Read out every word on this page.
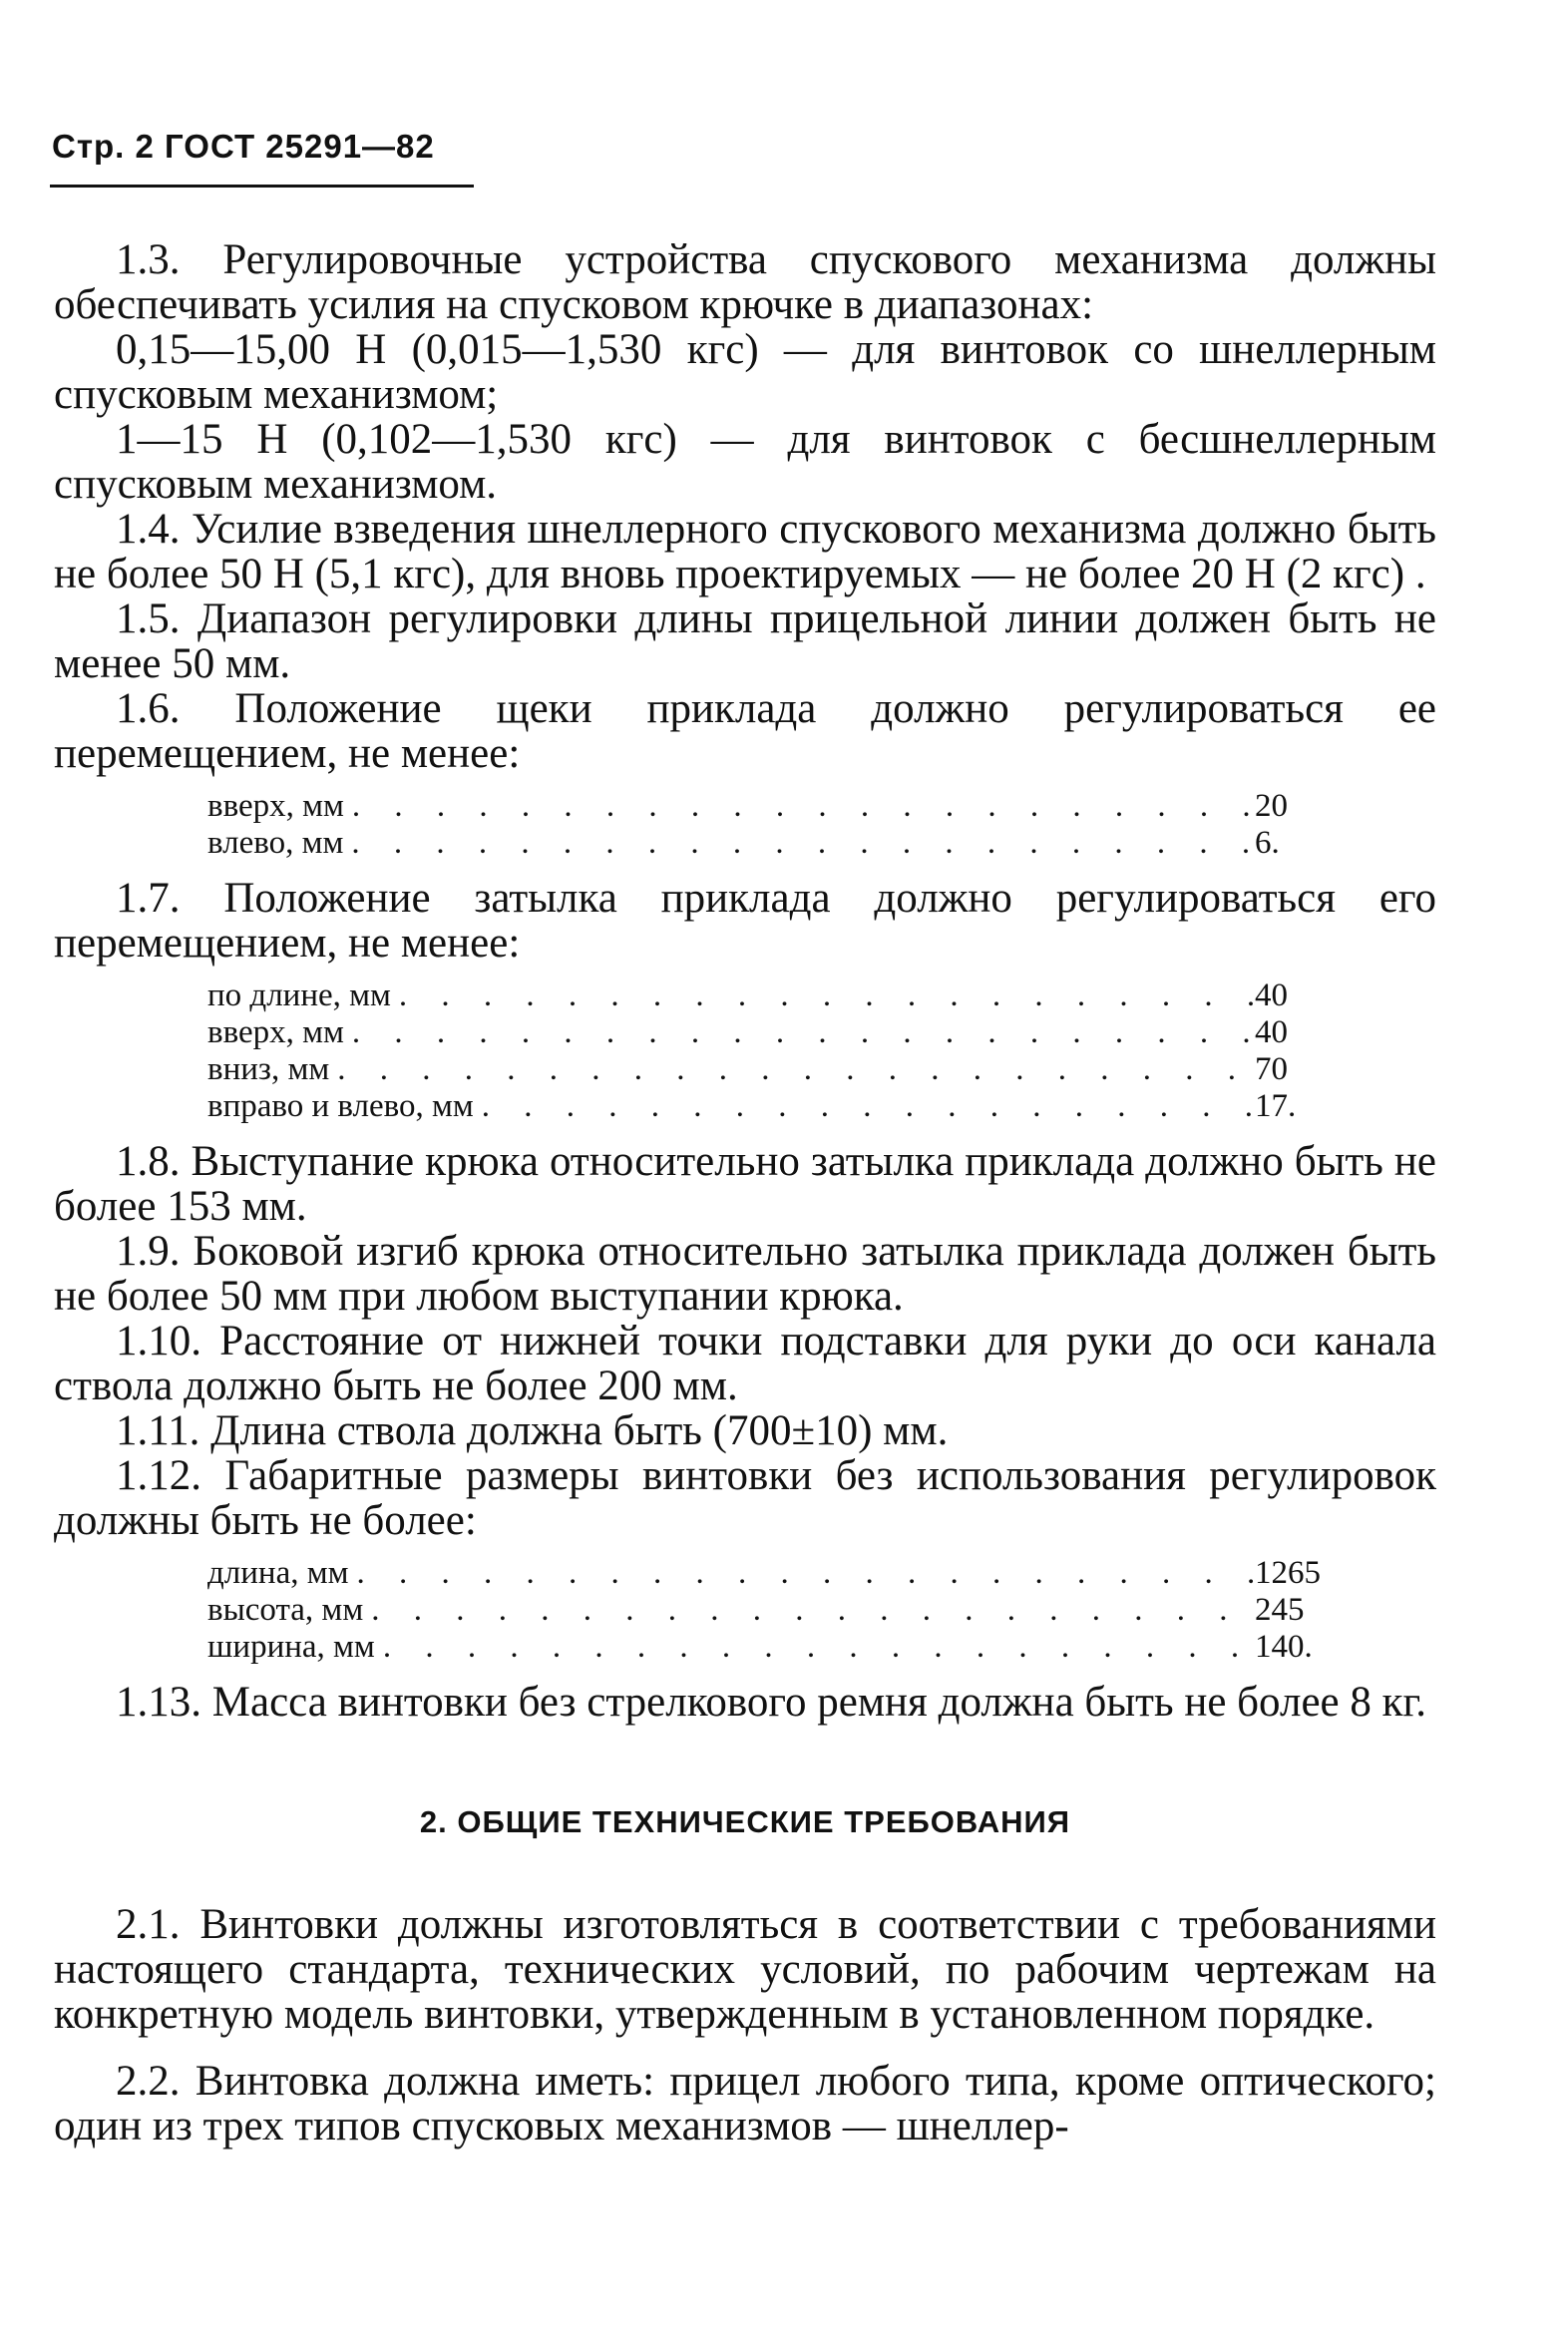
Стр. 2 ГОСТ 25291—82

1.3. Регулировочные устройства спускового механизма должны обеспечивать усилия на спусковом крючке в диапазонах:

0,15—15,00 Н (0,015—1,530 кгс) — для винтовок со шнеллерным спусковым механизмом;

1—15 Н (0,102—1,530 кгс) — для винтовок с бесшнеллерным спусковым механизмом.

1.4. Усилие взведения шнеллерного спускового механизма должно быть не более 50 Н (5,1 кгс), для вновь проектируемых — не более 20 Н (2 кгс) .

1.5. Диапазон регулировки длины прицельной линии должен быть не менее 50 мм.

1.6. Положение щеки приклада должно регулироваться ее перемещением, не менее:

вверх, мм . . .	20
влево, мм . . .	6.

1.7. Положение затылка приклада должно регулироваться его перемещением, не менее:

по длине, мм . . .	40
вверх, мм . . .	40
вниз, мм . . .	70
вправо и влево, мм . . .	17.

1.8. Выступание крюка относительно затылка приклада должно быть не более 153 мм.

1.9. Боковой изгиб крюка относительно затылка приклада должен быть не более 50 мм при любом выступании крюка.

1.10. Расстояние от нижней точки подставки для руки до оси канала ствола должно быть не более 200 мм.

1.11. Длина ствола должна быть (700±10) мм.

1.12. Габаритные размеры винтовки без использования регулировок должны быть не более:

длина, мм . . .	1265
высота, мм . . .	245
ширина, мм . . .	140.

1.13. Масса винтовки без стрелкового ремня должна быть не более 8 кг.

2. ОБЩИЕ ТЕХНИЧЕСКИЕ ТРЕБОВАНИЯ

2.1. Винтовки должны изготовляться в соответствии с требованиями настоящего стандарта, технических условий, по рабочим чертежам на конкретную модель винтовки, утвержденным в установленном порядке.

2.2. Винтовка должна иметь: прицел любого типа, кроме оптического; один из трех типов спусковых механизмов — шнеллер-
